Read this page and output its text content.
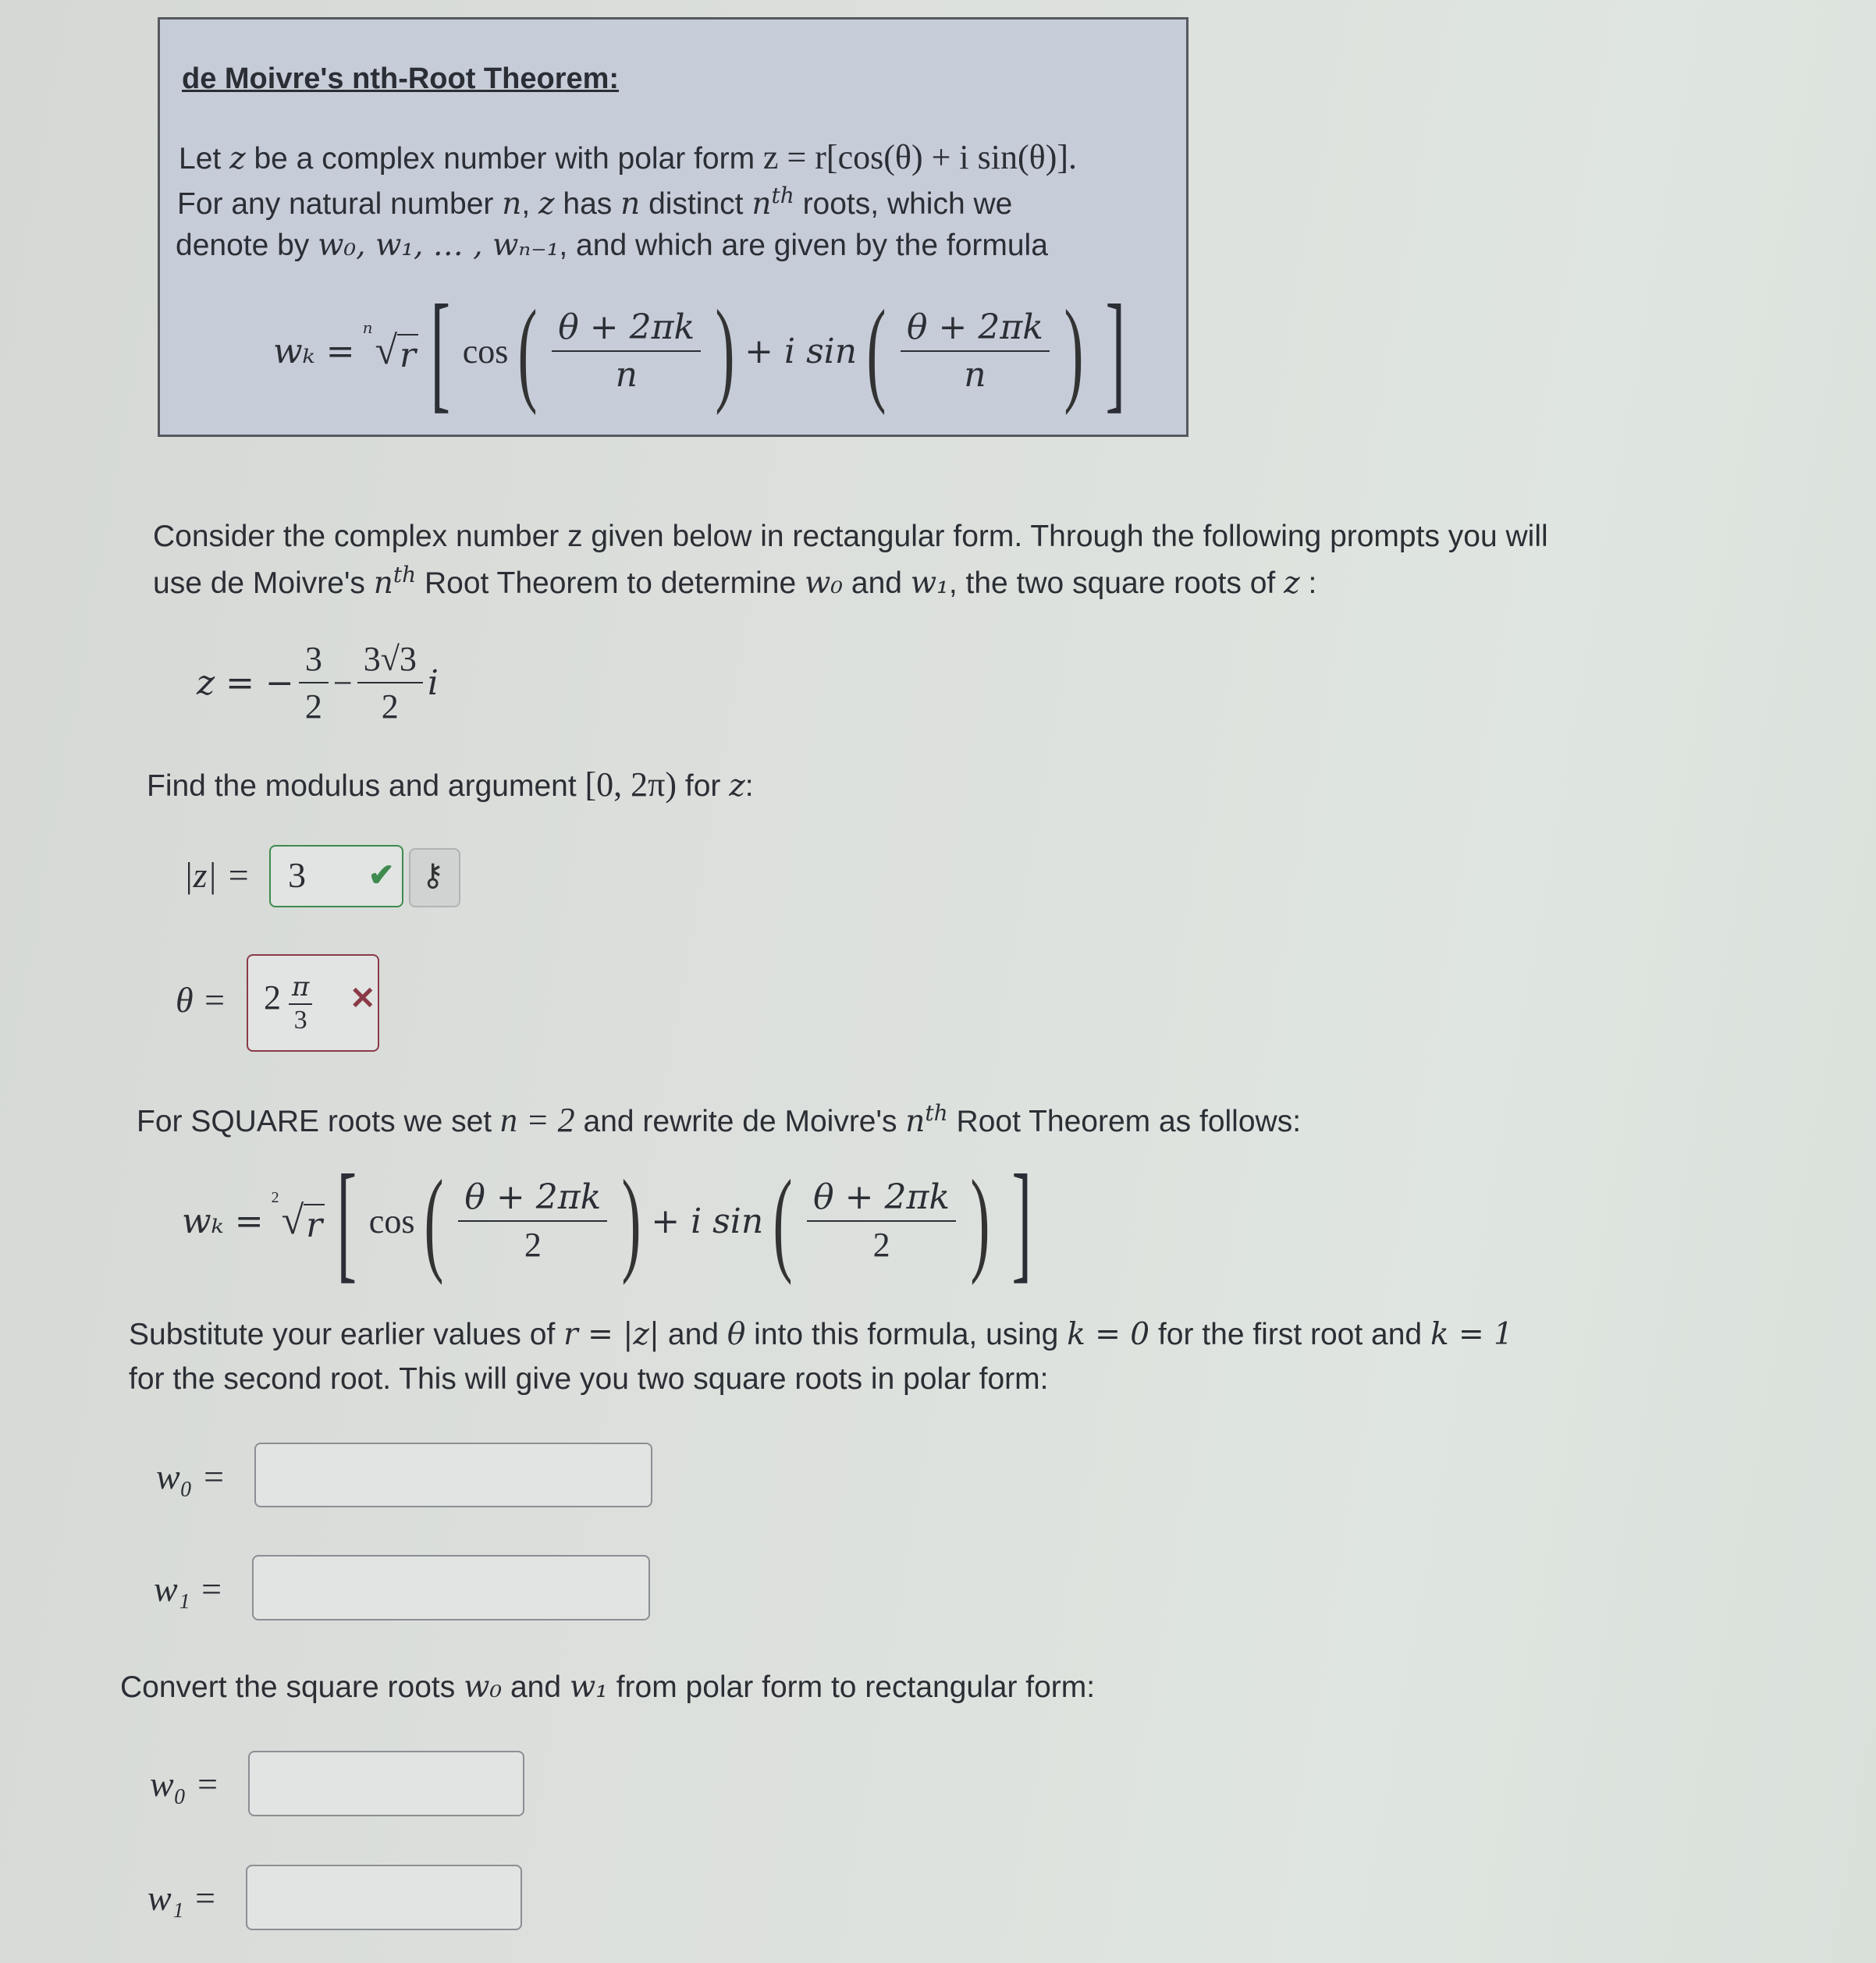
de Moivre's nth-Root Theorem:
Let z be a complex number with polar form z = r[cos(θ) + i sin(θ)].
For any natural number n, z has n distinct $n^{th}$ roots, which we
denote by w₀, w₁, … , wₙ₋₁, and which are given by the formula
wₖ =
n
√ r [ cos ( $\frac{\theta + 2\pi k}{n}$ ) + i sin ( $\frac{\theta + 2\pi k}{n}$ ) ]
Consider the complex number z given below in rectangular form. Through the following prompts you will
use de Moivre's $n^{th}$ Root Theorem to determine w₀ and w₁, the two square roots of z :
z = − $\frac{3}{2} - \frac{3√3}{2}$ i
Find the modulus and argument [0, 2π) for z:
|z| = 3 ✔ ⚷
$\theta = 2 \frac{\pi}{3}$ ✕
For SQUARE roots we set n = 2 and rewrite de Moivre's $n^{th}$ Root Theorem as follows:
wₖ =
2
√ r [ cos ( $\frac{\theta + 2\pi k}{2}$ ) + i sin ( $\frac{\theta + 2\pi k}{2}$ ) ]
Substitute your earlier values of r = |z| and θ into this formula, using k = 0 for the first root and k = 1
for the second root. This will give you two square roots in polar form:
w₀ =
w₁ =
Convert the square roots w₀ and w₁ from polar form to rectangular form:
w₀ =
w₁ =
